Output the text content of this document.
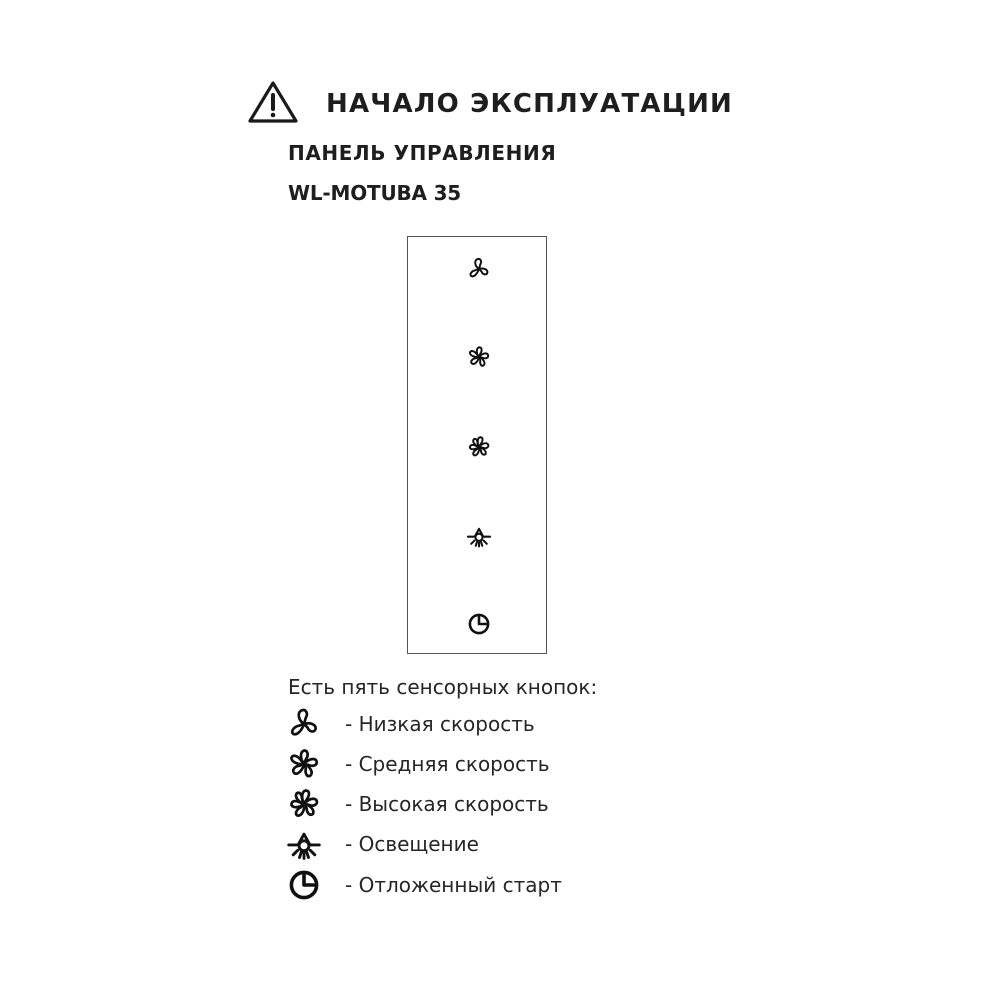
НАЧАЛО ЭКСПЛУАТАЦИИ
ПАНЕЛЬ УПРАВЛЕНИЯ
WL-MOTUBA 35
Есть пять сенсорных кнопок:
- Низкая скорость
- Средняя скорость
- Высокая скорость
- Освещение
- Отложенный старт
